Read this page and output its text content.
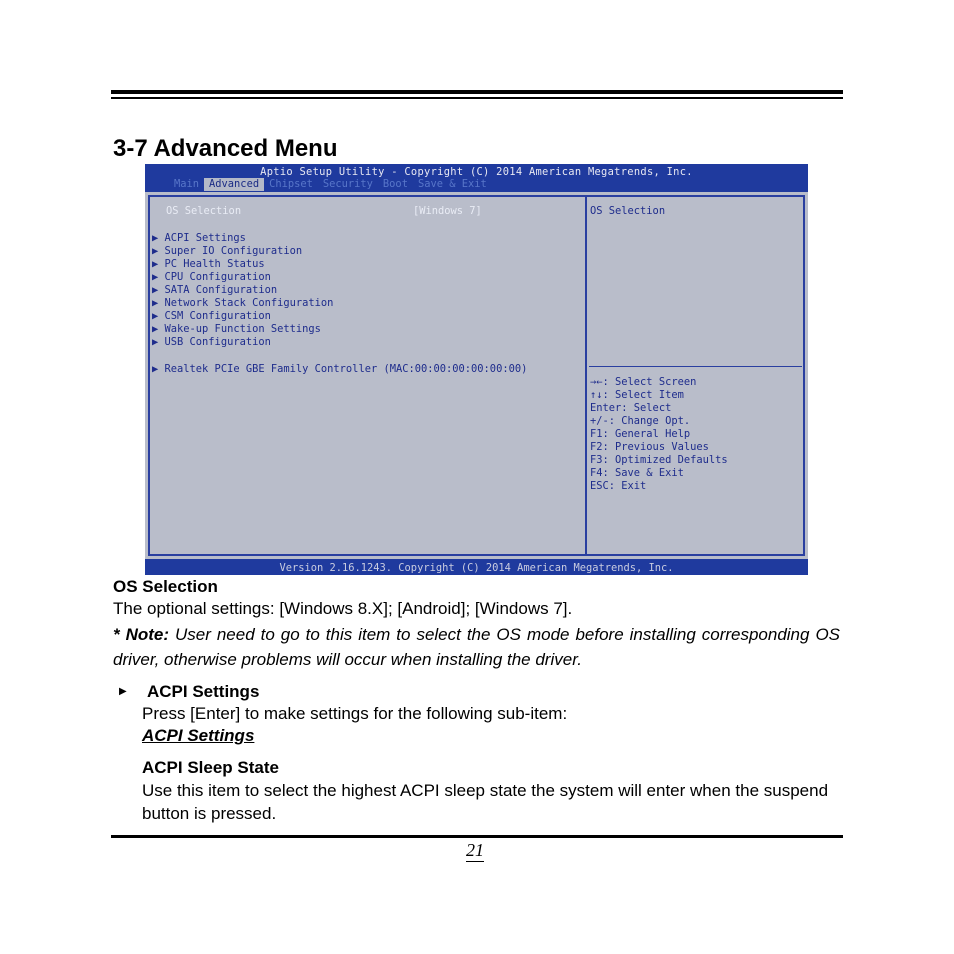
3-7 Advanced Menu
Aptio Setup Utility - Copyright (C) 2014 American Megatrends, Inc.
Main Advanced Chipset Security Boot Save & Exit
OS Selection	[Windows 7]
▶ ACPI Settings
▶ Super IO Configuration
▶ PC Health Status
▶ CPU Configuration
▶ SATA Configuration
▶ Network Stack Configuration
▶ CSM Configuration
▶ Wake-up Function Settings
▶ USB Configuration
▶ Realtek PCIe GBE Family Controller (MAC:00:00:00:00:00:00)
OS Selection
→←: Select Screen
↑↓: Select Item
Enter: Select
+/-: Change Opt.
F1: General Help
F2: Previous Values
F3: Optimized Defaults
F4: Save & Exit
ESC: Exit
Version 2.16.1243. Copyright (C) 2014 American Megatrends, Inc.
OS Selection
The optional settings: [Windows 8.X]; [Android]; [Windows 7].

* Note: User need to go to this item to select the OS mode before installing corresponding OS driver, otherwise problems will occur when installing the driver.

▶ ACPI Settings
Press [Enter] to make settings for the following sub-item:
ACPI Settings
ACPI Sleep State
Use this item to select the highest ACPI sleep state the system will enter when the suspend button is pressed.
21
